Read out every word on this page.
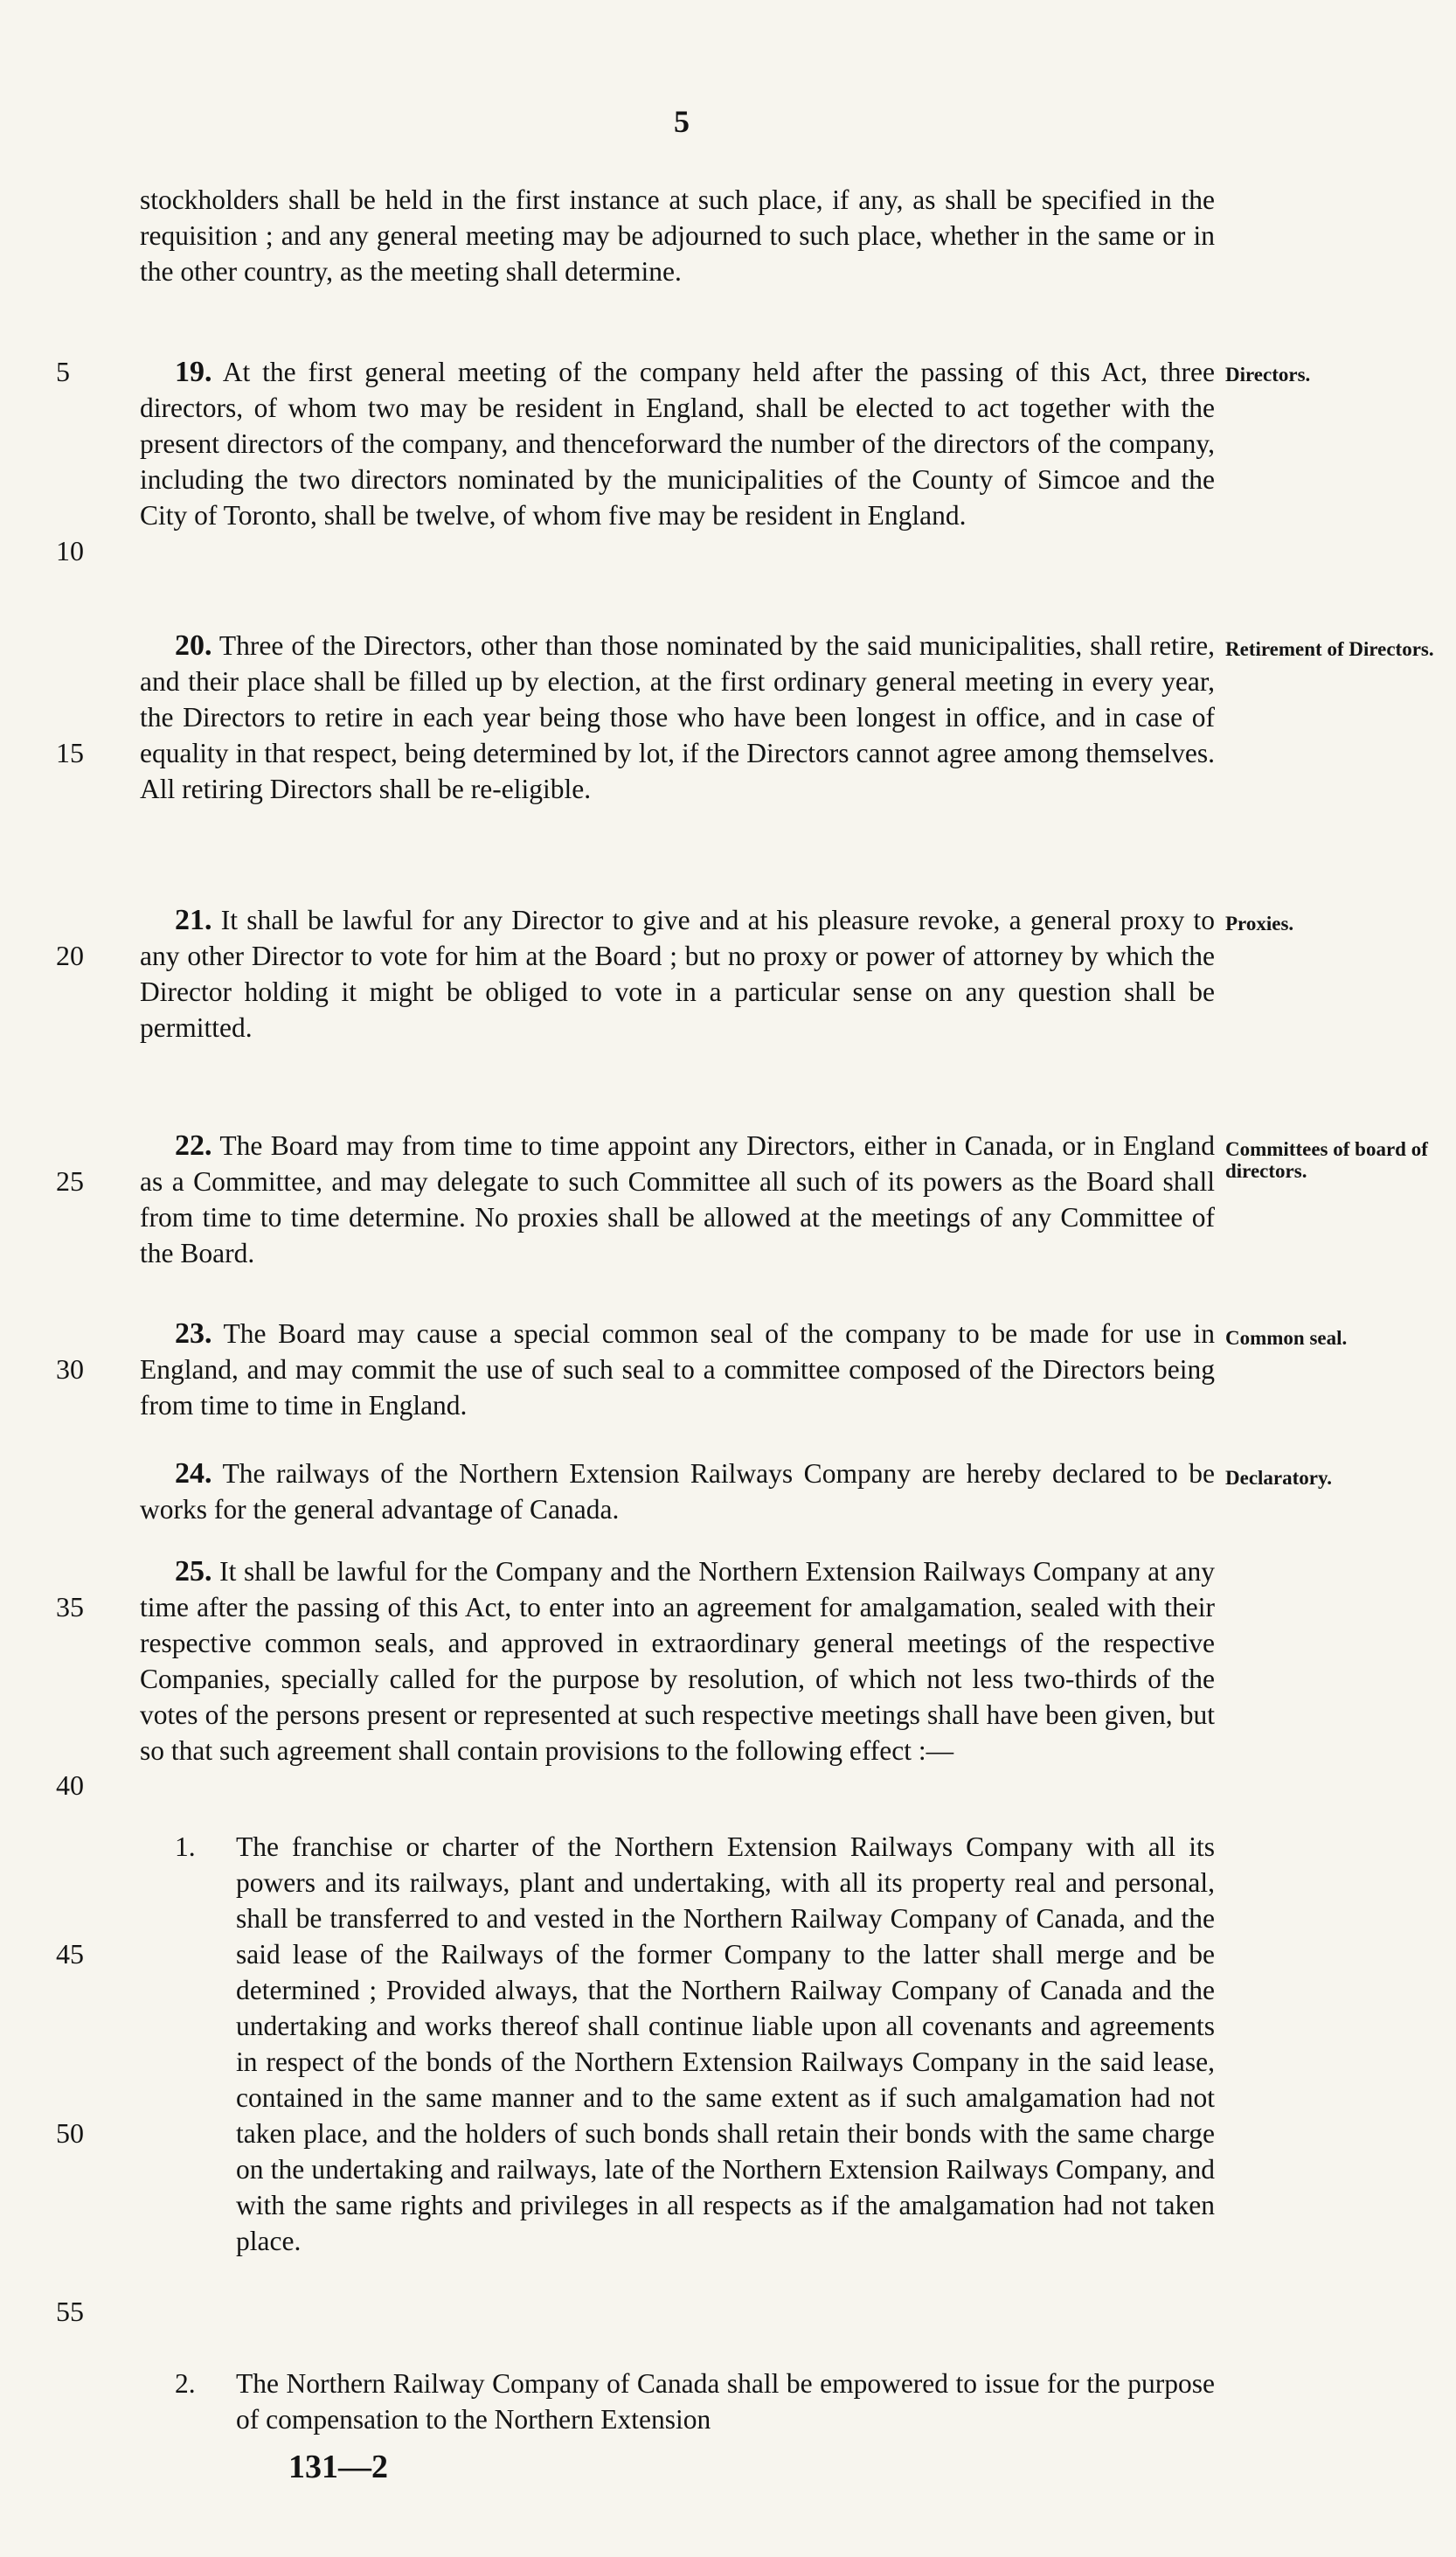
5

stockholders shall be held in the first instance at such place, if any, as shall be specified in the requisition ; and any general meeting may be adjourned to such place, whether in the same or in the other country, as the meeting shall determine.

19. At the first general meeting of the company held after the passing of this Act, three directors, of whom two may be resident in England, shall be elected to act together with the present directors of the company, and thenceforward the number of the directors of the company, including the two directors nominated by the municipalities of the County of Simcoe and the City of Toronto, shall be twelve, of whom five may be resident in England.

Directors.

20. Three of the Directors, other than those nominated by the said municipalities, shall retire, and their place shall be filled up by election, at the first ordinary general meeting in every year, the Directors to retire in each year being those who have been longest in office, and in case of equality in that respect, being determined by lot, if the Directors cannot agree among themselves. All retiring Directors shall be re-eligible.

Retirement of Directors.

21. It shall be lawful for any Director to give and at his pleasure revoke, a general proxy to any other Director to vote for him at the Board ; but no proxy or power of attorney by which the Director holding it might be obliged to vote in a particular sense on any question shall be permitted.

Proxies.

22. The Board may from time to time appoint any Directors, either in Canada, or in England as a Committee, and may delegate to such Committee all such of its powers as the Board shall from time to time determine. No proxies shall be allowed at the meetings of any Committee of the Board.

Committees of board of directors.

23. The Board may cause a special common seal of the company to be made for use in England, and may commit the use of such seal to a committee composed of the Directors being from time to time in England.

Common seal.

24. The railways of the Northern Extension Railways Company are hereby declared to be works for the general advantage of Canada.

Declaratory.

25. It shall be lawful for the Company and the Northern Extension Railways Company at any time after the passing of this Act, to enter into an agreement for amalgamation, sealed with their respective common seals, and approved in extraordinary general meetings of the respective Companies, specially called for the purpose by resolution, of which not less two-thirds of the votes of the persons present or represented at such respective meetings shall have been given, but so that such agreement shall contain provisions to the following effect :—

1.	The franchise or charter of the Northern Extension Railways Company with all its powers and its railways, plant and undertaking, with all its property real and personal, shall be transferred to and vested in the Northern Railway Company of Canada, and the said lease of the Railways of the former Company to the latter shall merge and be determined ; Provided always, that the Northern Railway Company of Canada and the undertaking and works thereof shall continue liable upon all covenants and agreements in respect of the bonds of the Northern Extension Railways Company in the said lease, contained in the same manner and to the same extent as if such amalgamation had not taken place, and the holders of such bonds shall retain their bonds with the same charge on the undertaking and railways, late of the Northern Extension Railways Company, and with the same rights and privileges in all respects as if the amalgamation had not taken place.
2.	The Northern Railway Company of Canada shall be empowered to issue for the purpose of compensation to the Northern Extension
5
10
15
20
25
30
35
40
45
50
55
131—2
